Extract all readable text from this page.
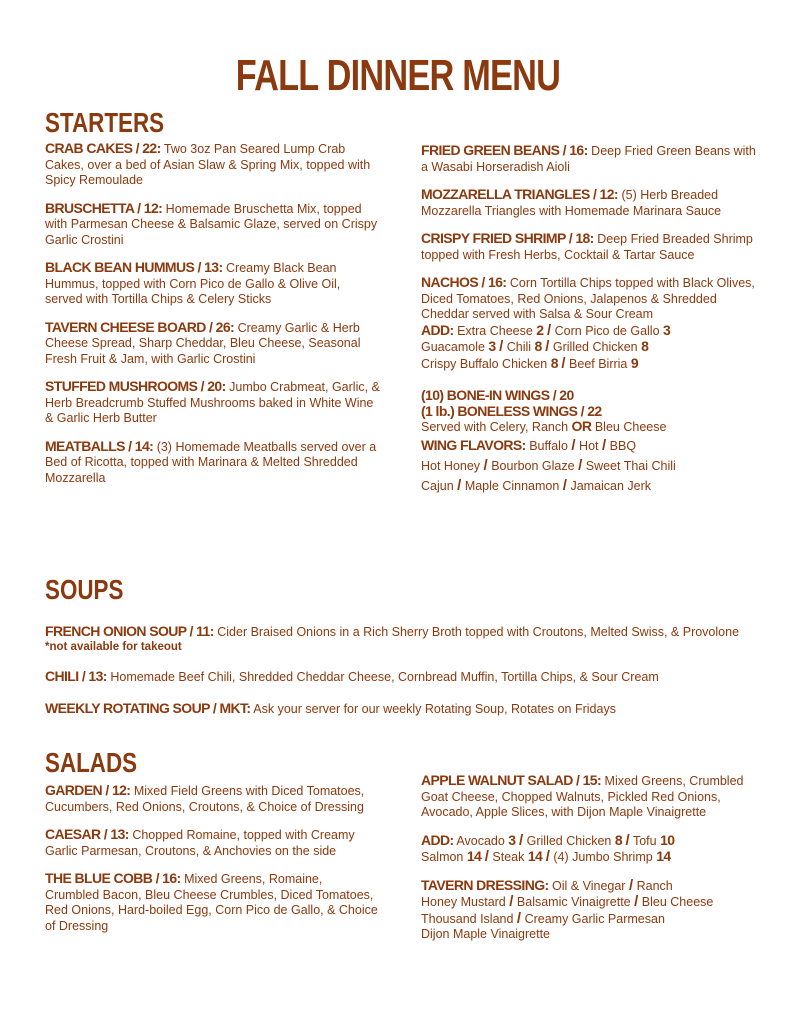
FALL DINNER MENU
STARTERS

CRAB CAKES / 22: Two 3oz Pan Seared Lump Crab Cakes, over a bed of Asian Slaw & Spring Mix, topped with Spicy Remoulade

BRUSCHETTA / 12: Homemade Bruschetta Mix, topped with Parmesan Cheese & Balsamic Glaze, served on Crispy Garlic Crostini

BLACK BEAN HUMMUS / 13: Creamy Black Bean Hummus, topped with Corn Pico de Gallo & Olive Oil, served with Tortilla Chips & Celery Sticks

TAVERN CHEESE BOARD / 26: Creamy Garlic & Herb Cheese Spread, Sharp Cheddar, Bleu Cheese, Seasonal Fresh Fruit & Jam, with Garlic Crostini

STUFFED MUSHROOMS / 20: Jumbo Crabmeat, Garlic, & Herb Breadcrumb Stuffed Mushrooms baked in White Wine & Garlic Herb Butter

MEATBALLS / 14: (3) Homemade Meatballs served over a Bed of Ricotta, topped with Marinara & Melted Shredded Mozzarella

FRIED GREEN BEANS / 16: Deep Fried Green Beans with a Wasabi Horseradish Aioli

MOZZARELLA TRIANGLES / 12: (5) Herb Breaded Mozzarella Triangles with Homemade Marinara Sauce

CRISPY FRIED SHRIMP / 18: Deep Fried Breaded Shrimp topped with Fresh Herbs, Cocktail & Tartar Sauce

NACHOS / 16: Corn Tortilla Chips topped with Black Olives, Diced Tomatoes, Red Onions, Jalapenos & Shredded Cheddar served with Salsa & Sour Cream
ADD: Extra Cheese 2 / Corn Pico de Gallo 3
Guacamole 3 / Chili 8 / Grilled Chicken 8
Crispy Buffalo Chicken 8 / Beef Birria 9
(10) BONE-IN WINGS / 20
(1 lb.) BONELESS WINGS / 22
Served with Celery, Ranch OR Bleu Cheese
WING FLAVORS: Buffalo / Hot / BBQ
Hot Honey / Bourbon Glaze / Sweet Thai Chili
Cajun / Maple Cinnamon / Jamaican Jerk
SOUPS
FRENCH ONION SOUP / 11: Cider Braised Onions in a Rich Sherry Broth topped with Croutons, Melted Swiss, & Provolone
*not available for takeout
CHILI / 13: Homemade Beef Chili, Shredded Cheddar Cheese, Cornbread Muffin, Tortilla Chips, & Sour Cream
WEEKLY ROTATING SOUP / MKT: Ask your server for our weekly Rotating Soup, Rotates on Fridays
SALADS

GARDEN / 12: Mixed Field Greens with Diced Tomatoes, Cucumbers, Red Onions, Croutons, & Choice of Dressing

CAESAR / 13: Chopped Romaine, topped with Creamy Garlic Parmesan, Croutons, & Anchovies on the side

THE BLUE COBB / 16: Mixed Greens, Romaine, Crumbled Bacon, Bleu Cheese Crumbles, Diced Tomatoes, Red Onions, Hard-boiled Egg, Corn Pico de Gallo, & Choice of Dressing

APPLE WALNUT SALAD / 15: Mixed Greens, Crumbled Goat Cheese, Chopped Walnuts, Pickled Red Onions, Avocado, Apple Slices, with Dijon Maple Vinaigrette

ADD: Avocado 3 / Grilled Chicken 8 / Tofu 10
Salmon 14 / Steak 14 / (4) Jumbo Shrimp 14
TAVERN DRESSING: Oil & Vinegar / Ranch
Honey Mustard / Balsamic Vinaigrette / Bleu Cheese
Thousand Island / Creamy Garlic Parmesan
Dijon Maple Vinaigrette
